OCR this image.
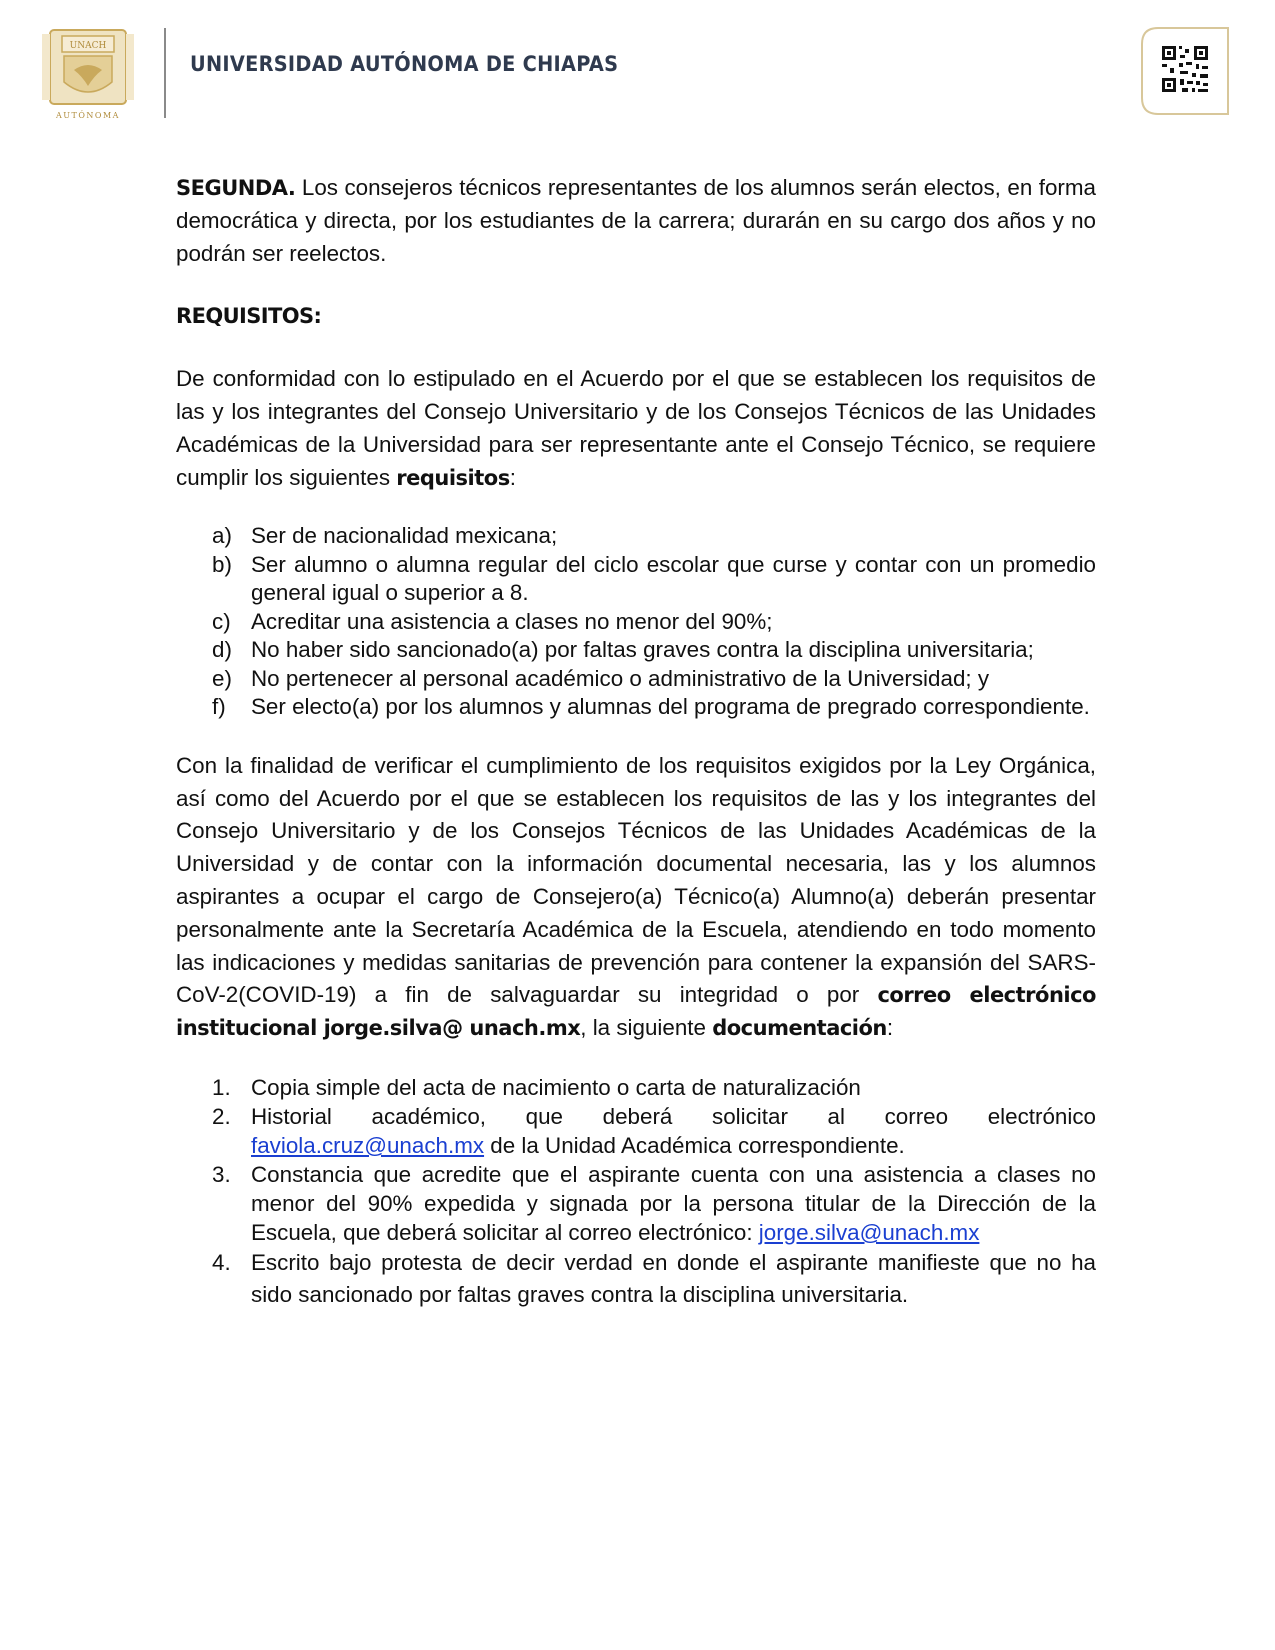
UNACH
AUTÓNOMA
UNIVERSIDAD AUTÓNOMA DE CHIAPAS

SEGUNDA. Los consejeros técnicos representantes de los alumnos serán electos, en forma democrática y directa, por los estudiantes de la carrera; durarán en su cargo dos años y no podrán ser reelectos.

REQUISITOS:

De conformidad con lo estipulado en el Acuerdo por el que se establecen los requisitos de las y los integrantes del Consejo Universitario y de los Consejos Técnicos de las Unidades Académicas de la Universidad para ser representante ante el Consejo Técnico, se requiere cumplir los siguientes requisitos:

a) Ser de nacionalidad mexicana;
b) Ser alumno o alumna regular del ciclo escolar que curse y contar con un promedio general igual o superior a 8.
c) Acreditar una asistencia a clases no menor del 90%;
d) No haber sido sancionado(a) por faltas graves contra la disciplina universitaria;
e) No pertenecer al personal académico o administrativo de la Universidad; y
f) Ser electo(a) por los alumnos y alumnas del programa de pregrado correspondiente.

Con la finalidad de verificar el cumplimiento de los requisitos exigidos por la Ley Orgánica, así como del Acuerdo por el que se establecen los requisitos de las y los integrantes del Consejo Universitario y de los Consejos Técnicos de las Unidades Académicas de la Universidad y de contar con la información documental necesaria, las y los alumnos aspirantes a ocupar el cargo de Consejero(a) Técnico(a) Alumno(a) deberán presentar personalmente ante la Secretaría Académica de la Escuela, atendiendo en todo momento las indicaciones y medidas sanitarias de prevención para contener la expansión del SARS-CoV-2(COVID-19) a fin de salvaguardar su integridad o por correo electrónico institucional jorge.silva@ unach.mx, la siguiente documentación:

1. Copia simple del acta de nacimiento o carta de naturalización
2. Historial académico, que deberá solicitar al correo electrónico faviola.cruz@unach.mx de la Unidad Académica correspondiente.
3. Constancia que acredite que el aspirante cuenta con una asistencia a clases no menor del 90% expedida y signada por la persona titular de la Dirección de la Escuela, que deberá solicitar al correo electrónico: jorge.silva@unach.mx
4. Escrito bajo protesta de decir verdad en donde el aspirante manifieste que no ha sido sancionado por faltas graves contra la disciplina universitaria.
